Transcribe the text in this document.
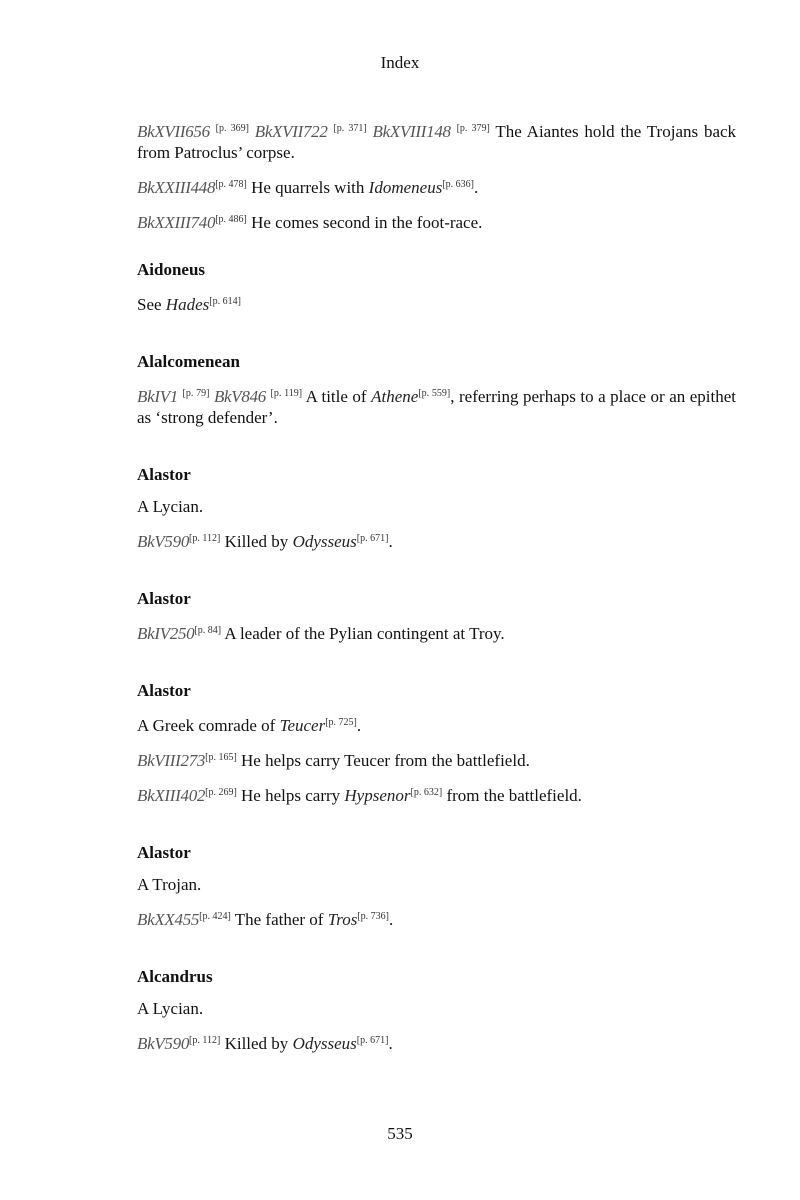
Index

BkXVII656 [p. 369] BkXVII722 [p. 371] BkXVIII148 [p. 379] The Aiantes hold the Trojans back from Patroclus’ corpse.

BkXXIII448[p. 478] He quarrels with Idomeneus[p. 636].

BkXXIII740[p. 486] He comes second in the foot-race.

Aidoneus

See Hades[p. 614]

Alalcomenean

BkIV1 [p. 79] BkV846 [p. 119] A title of Athene[p. 559], referring perhaps to a place or an epithet as ‘strong defender’.

Alastor

A Lycian.

BkV590[p. 112] Killed by Odysseus[p. 671].

Alastor

BkIV250[p. 84] A leader of the Pylian contingent at Troy.

Alastor

A Greek comrade of Teucer[p. 725].

BkVIII273[p. 165] He helps carry Teucer from the battlefield.

BkXIII402[p. 269] He helps carry Hypsenor[p. 632] from the battlefield.

Alastor

A Trojan.

BkXX455[p. 424] The father of Tros[p. 736].

Alcandrus

A Lycian.

BkV590[p. 112] Killed by Odysseus[p. 671].

535
